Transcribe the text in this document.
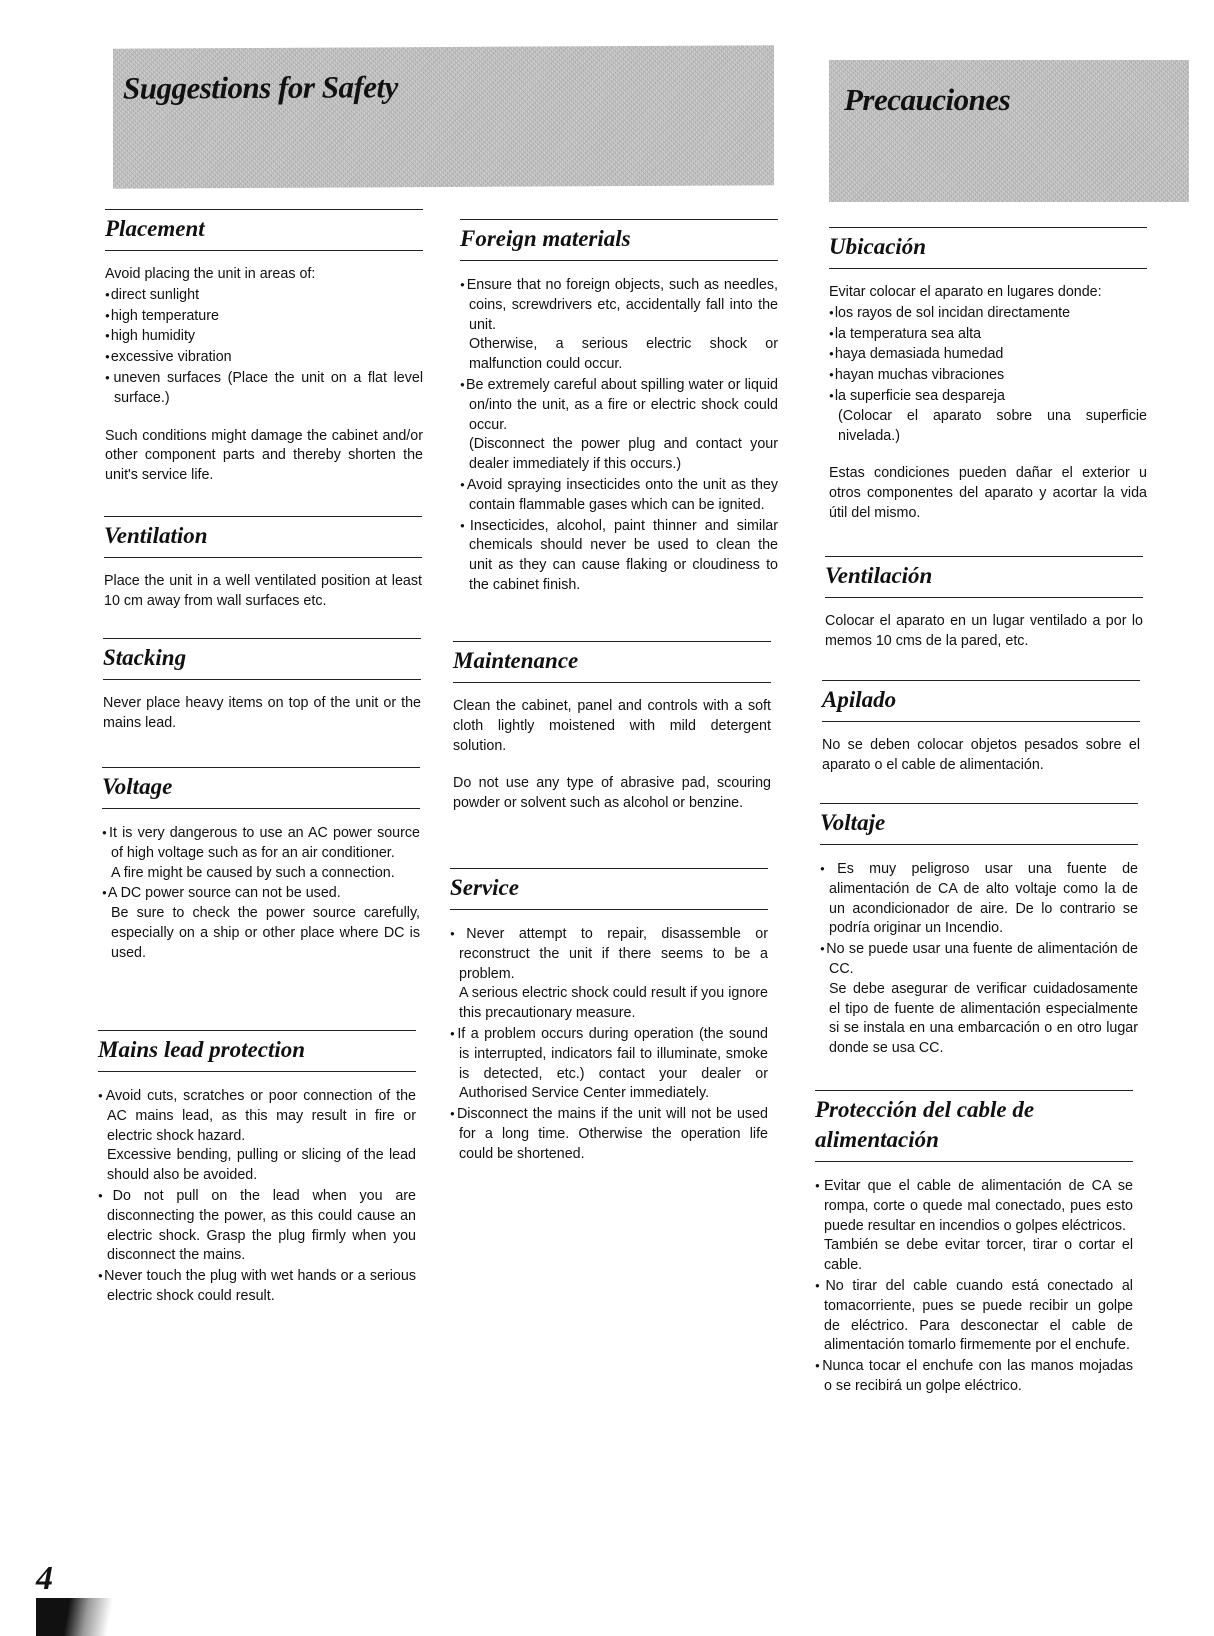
Suggestions for Safety	Precauciones
Placement

Avoid placing the unit in areas of:

● direct sunlight

● high temperature

● high humidity

● excessive vibration

● uneven surfaces (Place the unit on a flat level surface.)

Such conditions might damage the cabinet and/or other component parts and thereby shorten the unit's service life.

Ventilation

Place the unit in a well ventilated position at least 10 cm away from wall surfaces etc.

Stacking

Never place heavy items on top of the unit or the mains lead.

Voltage

● It is very dangerous to use an AC power source of high voltage such as for an air conditioner.

A fire might be caused by such a connection.

● A DC power source can not be used.

Be sure to check the power source carefully, especially on a ship or other place where DC is used.

Mains lead protection

● Avoid cuts, scratches or poor connection of the AC mains lead, as this may result in fire or electric shock hazard.

Excessive bending, pulling or slicing of the lead should also be avoided.

● Do not pull on the lead when you are disconnecting the power, as this could cause an electric shock. Grasp the plug firmly when you disconnect the mains.

● Never touch the plug with wet hands or a serious electric shock could result.

Foreign materials

● Ensure that no foreign objects, such as needles, coins, screwdrivers etc, accidentally fall into the unit.

Otherwise, a serious electric shock or malfunction could occur.

● Be extremely careful about spilling water or liquid on/into the unit, as a fire or electric shock could occur.

(Disconnect the power plug and contact your dealer immediately if this occurs.)

● Avoid spraying insecticides onto the unit as they contain flammable gases which can be ignited.

● Insecticides, alcohol, paint thinner and similar chemicals should never be used to clean the unit as they can cause flaking or cloudiness to the cabinet finish.

Maintenance

Clean the cabinet, panel and controls with a soft cloth lightly moistened with mild detergent solution.

Do not use any type of abrasive pad, scouring powder or solvent such as alcohol or benzine.

Service

● Never attempt to repair, disassemble or reconstruct the unit if there seems to be a problem.

A serious electric shock could result if you ignore this precautionary measure.

● If a problem occurs during operation (the sound is interrupted, indicators fail to illuminate, smoke is detected, etc.) contact your dealer or Authorised Service Center immediately.

● Disconnect the mains if the unit will not be used for a long time. Otherwise the operation life could be shortened.

Ubicación

Evitar colocar el aparato en lugares donde:

● los rayos de sol incidan directamente

● la temperatura sea alta

● haya demasiada humedad

● hayan muchas vibraciones

● la superficie sea despareja

(Colocar el aparato sobre una superficie nivelada.)

Estas condiciones pueden dañar el exterior u otros componentes del aparato y acortar la vida útil del mismo.

Ventilación

Colocar el aparato en un lugar ventilado a por lo memos 10 cms de la pared, etc.

Apilado

No se deben colocar objetos pesados sobre el aparato o el cable de alimentación.

Voltaje

● Es muy peligroso usar una fuente de alimentación de CA de alto voltaje como la de un acondicionador de aire. De lo contrario se podría originar un Incendio.

● No se puede usar una fuente de alimentación de CC.

Se debe asegurar de verificar cuidadosamente el tipo de fuente de alimentación especialmente si se instala en una embarcación o en otro lugar donde se usa CC.

Protección del cable de alimentación

● Evitar que el cable de alimentación de CA se rompa, corte o quede mal conectado, pues esto puede resultar en incendios o golpes eléctricos.

También se debe evitar torcer, tirar o cortar el cable.

● No tirar del cable cuando está conectado al tomacorriente, pues se puede recibir un golpe de eléctrico. Para desconectar el cable de alimentación tomarlo firmemente por el enchufe.

● Nunca tocar el enchufe con las manos mojadas o se recibirá un golpe eléctrico.

4
